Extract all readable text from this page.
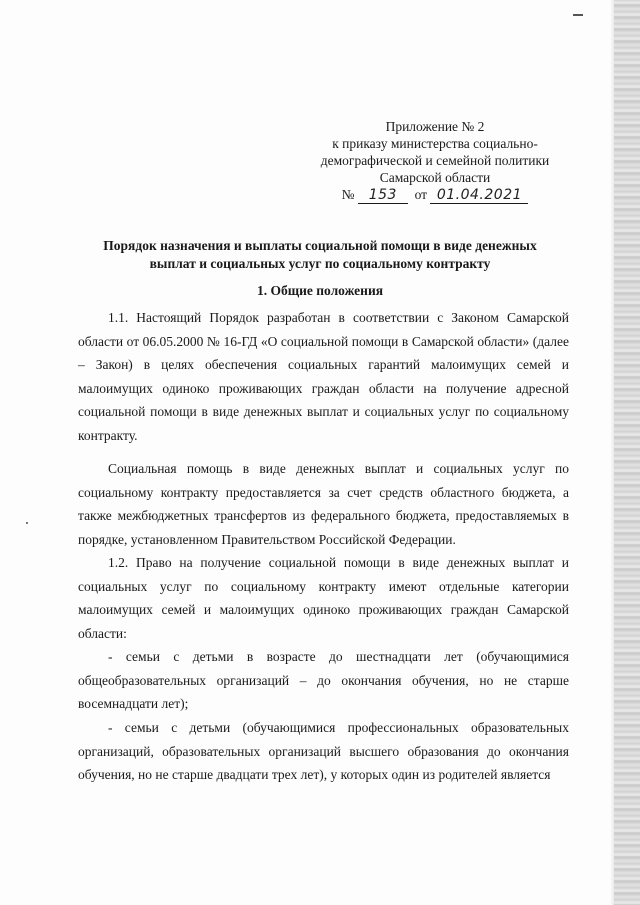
Приложение № 2
к приказу министерства социально-
демографической и семейной политики
Самарской области
№ 153 от 01.04.2021
Порядок назначения и выплаты социальной помощи в виде денежных
выплат и социальных услуг по социальному контракту
1. Общие положения

1.1. Настоящий Порядок разработан в соответствии с Законом Самарской области от 06.05.2000 № 16-ГД «О социальной помощи в Самарской области» (далее – Закон) в целях обеспечения социальных гарантий малоимущих семей и малоимущих одиноко проживающих граждан области на получение адресной социальной помощи в виде денежных выплат и социальных услуг по социальному контракту.

Социальная помощь в виде денежных выплат и социальных услуг по социальному контракту предоставляется за счет средств областного бюджета, а также межбюджетных трансфертов из федерального бюджета, предоставляемых в порядке, установленном Правительством Российской Федерации.

1.2. Право на получение социальной помощи в виде денежных выплат и социальных услуг по социальному контракту имеют отдельные категории малоимущих семей и малоимущих одиноко проживающих граждан Самарской области:

- семьи с детьми в возрасте до шестнадцати лет (обучающимися общеобразовательных организаций – до окончания обучения, но не старше восемнадцати лет);

- семьи с детьми (обучающимися профессиональных образовательных организаций, образовательных организаций высшего образования до окончания обучения, но не старше двадцати трех лет), у которых один из родителей является
